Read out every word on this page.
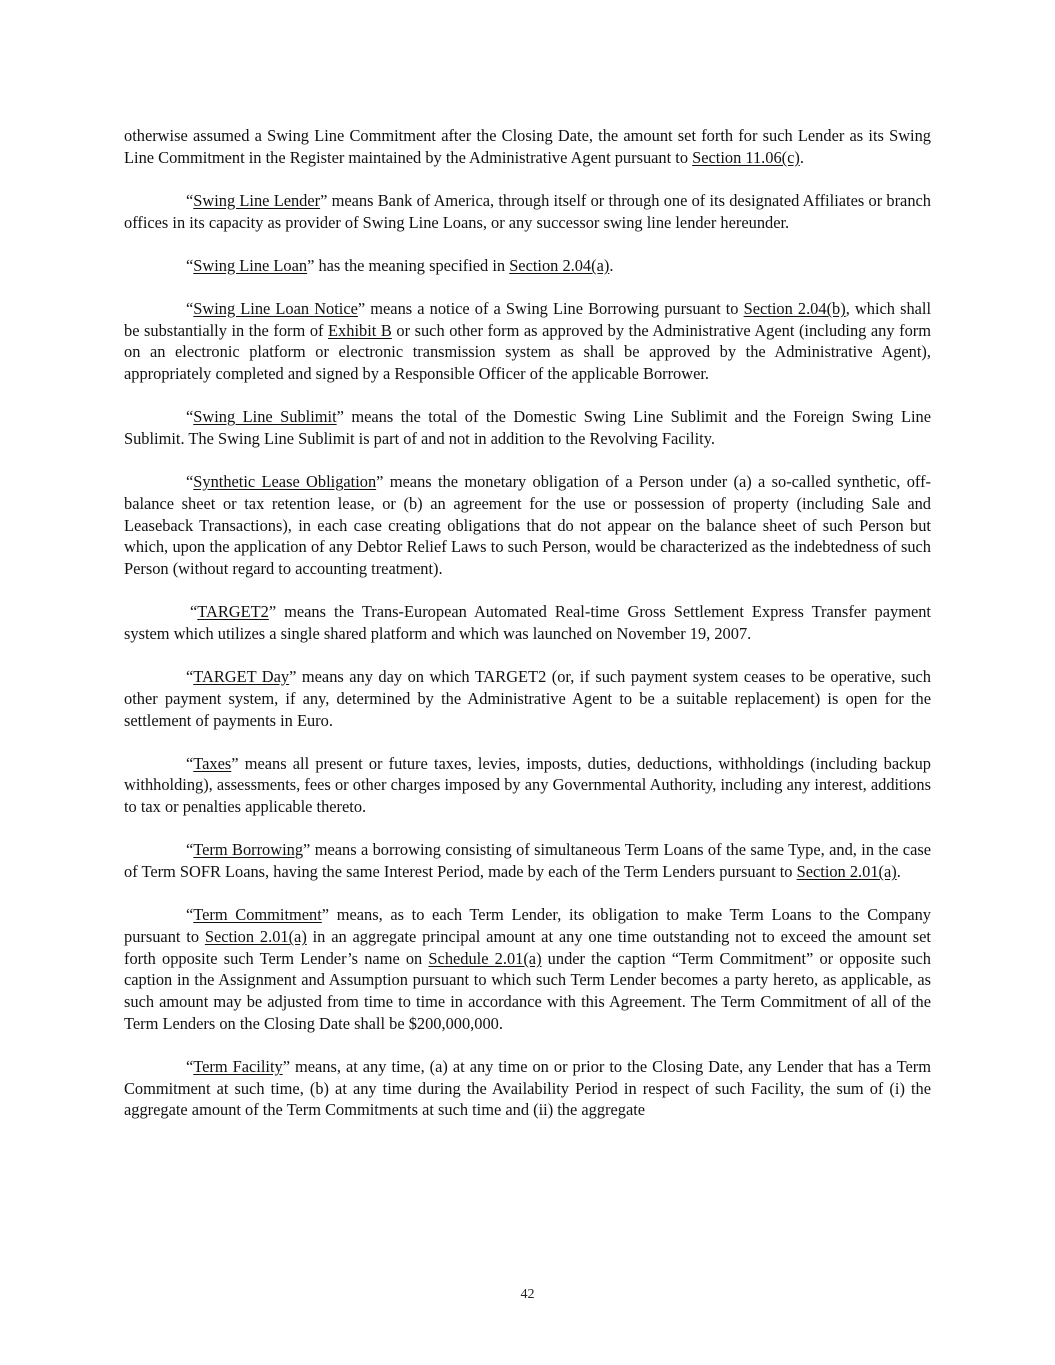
otherwise assumed a Swing Line Commitment after the Closing Date, the amount set forth for such Lender as its Swing Line Commitment in the Register maintained by the Administrative Agent pursuant to Section 11.06(c).

“Swing Line Lender” means Bank of America, through itself or through one of its designated Affiliates or branch offices in its capacity as provider of Swing Line Loans, or any successor swing line lender hereunder.

“Swing Line Loan” has the meaning specified in Section 2.04(a).

“Swing Line Loan Notice” means a notice of a Swing Line Borrowing pursuant to Section 2.04(b), which shall be substantially in the form of Exhibit B or such other form as approved by the Administrative Agent (including any form on an electronic platform or electronic transmission system as shall be approved by the Administrative Agent), appropriately completed and signed by a Responsible Officer of the applicable Borrower.

“Swing Line Sublimit” means the total of the Domestic Swing Line Sublimit and the Foreign Swing Line Sublimit. The Swing Line Sublimit is part of and not in addition to the Revolving Facility.

“Synthetic Lease Obligation” means the monetary obligation of a Person under (a) a so-called synthetic, off-balance sheet or tax retention lease, or (b) an agreement for the use or possession of property (including Sale and Leaseback Transactions), in each case creating obligations that do not appear on the balance sheet of such Person but which, upon the application of any Debtor Relief Laws to such Person, would be characterized as the indebtedness of such Person (without regard to accounting treatment).

“TARGET2” means the Trans-European Automated Real-time Gross Settlement Express Transfer payment system which utilizes a single shared platform and which was launched on November 19, 2007.

“TARGET Day” means any day on which TARGET2 (or, if such payment system ceases to be operative, such other payment system, if any, determined by the Administrative Agent to be a suitable replacement) is open for the settlement of payments in Euro.

“Taxes” means all present or future taxes, levies, imposts, duties, deductions, withholdings (including backup withholding), assessments, fees or other charges imposed by any Governmental Authority, including any interest, additions to tax or penalties applicable thereto.

“Term Borrowing” means a borrowing consisting of simultaneous Term Loans of the same Type, and, in the case of Term SOFR Loans, having the same Interest Period, made by each of the Term Lenders pursuant to Section 2.01(a).

“Term Commitment” means, as to each Term Lender, its obligation to make Term Loans to the Company pursuant to Section 2.01(a) in an aggregate principal amount at any one time outstanding not to exceed the amount set forth opposite such Term Lender’s name on Schedule 2.01(a) under the caption “Term Commitment” or opposite such caption in the Assignment and Assumption pursuant to which such Term Lender becomes a party hereto, as applicable, as such amount may be adjusted from time to time in accordance with this Agreement. The Term Commitment of all of the Term Lenders on the Closing Date shall be $200,000,000.

“Term Facility” means, at any time, (a) at any time on or prior to the Closing Date, any Lender that has a Term Commitment at such time, (b) at any time during the Availability Period in respect of such Facility, the sum of (i) the aggregate amount of the Term Commitments at such time and (ii) the aggregate

42
